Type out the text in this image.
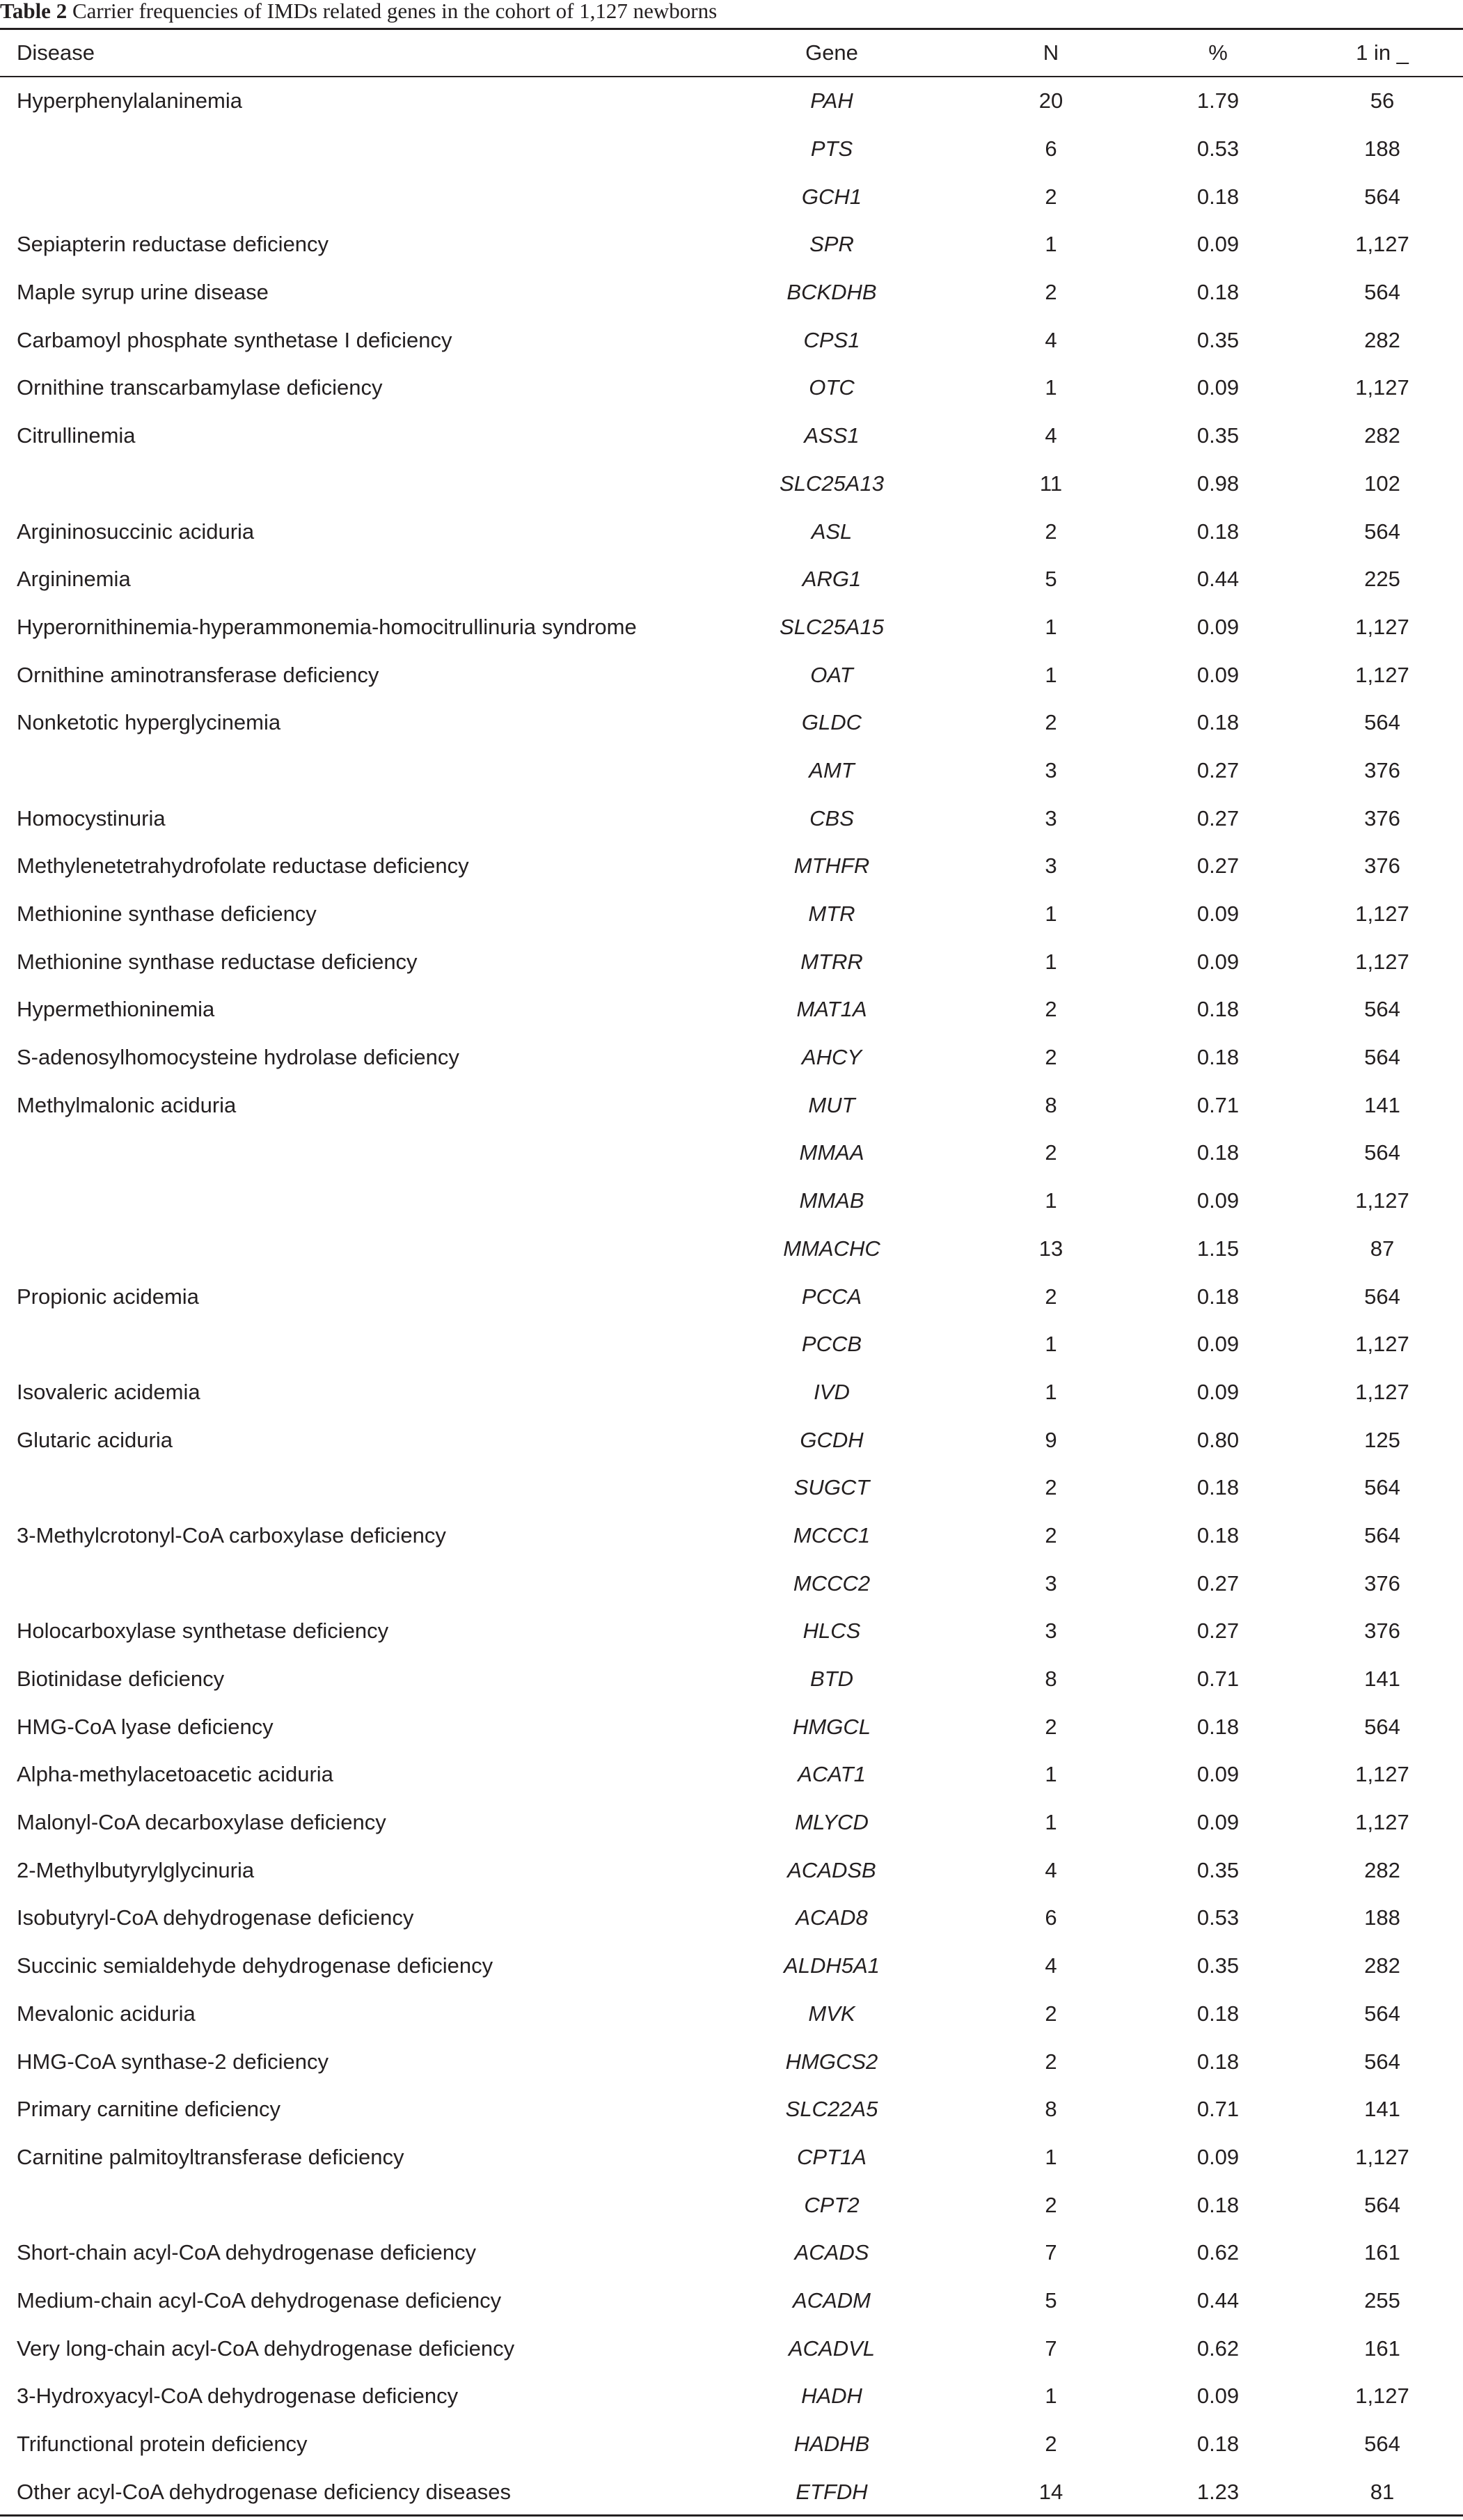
Table 2 Carrier frequencies of IMDs related genes in the cohort of 1,127 newborns
Disease	Gene	N	%	1 in _
Hyperphenylalaninemia	PAH	20	1.79	56
	PTS	6	0.53	188
	GCH1	2	0.18	564
Sepiapterin reductase deficiency	SPR	1	0.09	1,127
Maple syrup urine disease	BCKDHB	2	0.18	564
Carbamoyl phosphate synthetase I deficiency	CPS1	4	0.35	282
Ornithine transcarbamylase deficiency	OTC	1	0.09	1,127
Citrullinemia	ASS1	4	0.35	282
	SLC25A13	11	0.98	102
Argininosuccinic aciduria	ASL	2	0.18	564
Argininemia	ARG1	5	0.44	225
Hyperornithinemia-hyperammonemia-homocitrullinuria syndrome	SLC25A15	1	0.09	1,127
Ornithine aminotransferase deficiency	OAT	1	0.09	1,127
Nonketotic hyperglycinemia	GLDC	2	0.18	564
	AMT	3	0.27	376
Homocystinuria	CBS	3	0.27	376
Methylenetetrahydrofolate reductase deficiency	MTHFR	3	0.27	376
Methionine synthase deficiency	MTR	1	0.09	1,127
Methionine synthase reductase deficiency	MTRR	1	0.09	1,127
Hypermethioninemia	MAT1A	2	0.18	564
S-adenosylhomocysteine hydrolase deficiency	AHCY	2	0.18	564
Methylmalonic aciduria	MUT	8	0.71	141
	MMAA	2	0.18	564
	MMAB	1	0.09	1,127
	MMACHC	13	1.15	87
Propionic acidemia	PCCA	2	0.18	564
	PCCB	1	0.09	1,127
Isovaleric acidemia	IVD	1	0.09	1,127
Glutaric aciduria	GCDH	9	0.80	125
	SUGCT	2	0.18	564
3-Methylcrotonyl-CoA carboxylase deficiency	MCCC1	2	0.18	564
	MCCC2	3	0.27	376
Holocarboxylase synthetase deficiency	HLCS	3	0.27	376
Biotinidase deficiency	BTD	8	0.71	141
HMG-CoA lyase deficiency	HMGCL	2	0.18	564
Alpha-methylacetoacetic aciduria	ACAT1	1	0.09	1,127
Malonyl-CoA decarboxylase deficiency	MLYCD	1	0.09	1,127
2-Methylbutyrylglycinuria	ACADSB	4	0.35	282
Isobutyryl-CoA dehydrogenase deficiency	ACAD8	6	0.53	188
Succinic semialdehyde dehydrogenase deficiency	ALDH5A1	4	0.35	282
Mevalonic aciduria	MVK	2	0.18	564
HMG-CoA synthase-2 deficiency	HMGCS2	2	0.18	564
Primary carnitine deficiency	SLC22A5	8	0.71	141
Carnitine palmitoyltransferase deficiency	CPT1A	1	0.09	1,127
	CPT2	2	0.18	564
Short-chain acyl-CoA dehydrogenase deficiency	ACADS	7	0.62	161
Medium-chain acyl-CoA dehydrogenase deficiency	ACADM	5	0.44	255
Very long-chain acyl-CoA dehydrogenase deficiency	ACADVL	7	0.62	161
3-Hydroxyacyl-CoA dehydrogenase deficiency	HADH	1	0.09	1,127
Trifunctional protein deficiency	HADHB	2	0.18	564
Other acyl-CoA dehydrogenase deficiency diseases	ETFDH	14	1.23	81
